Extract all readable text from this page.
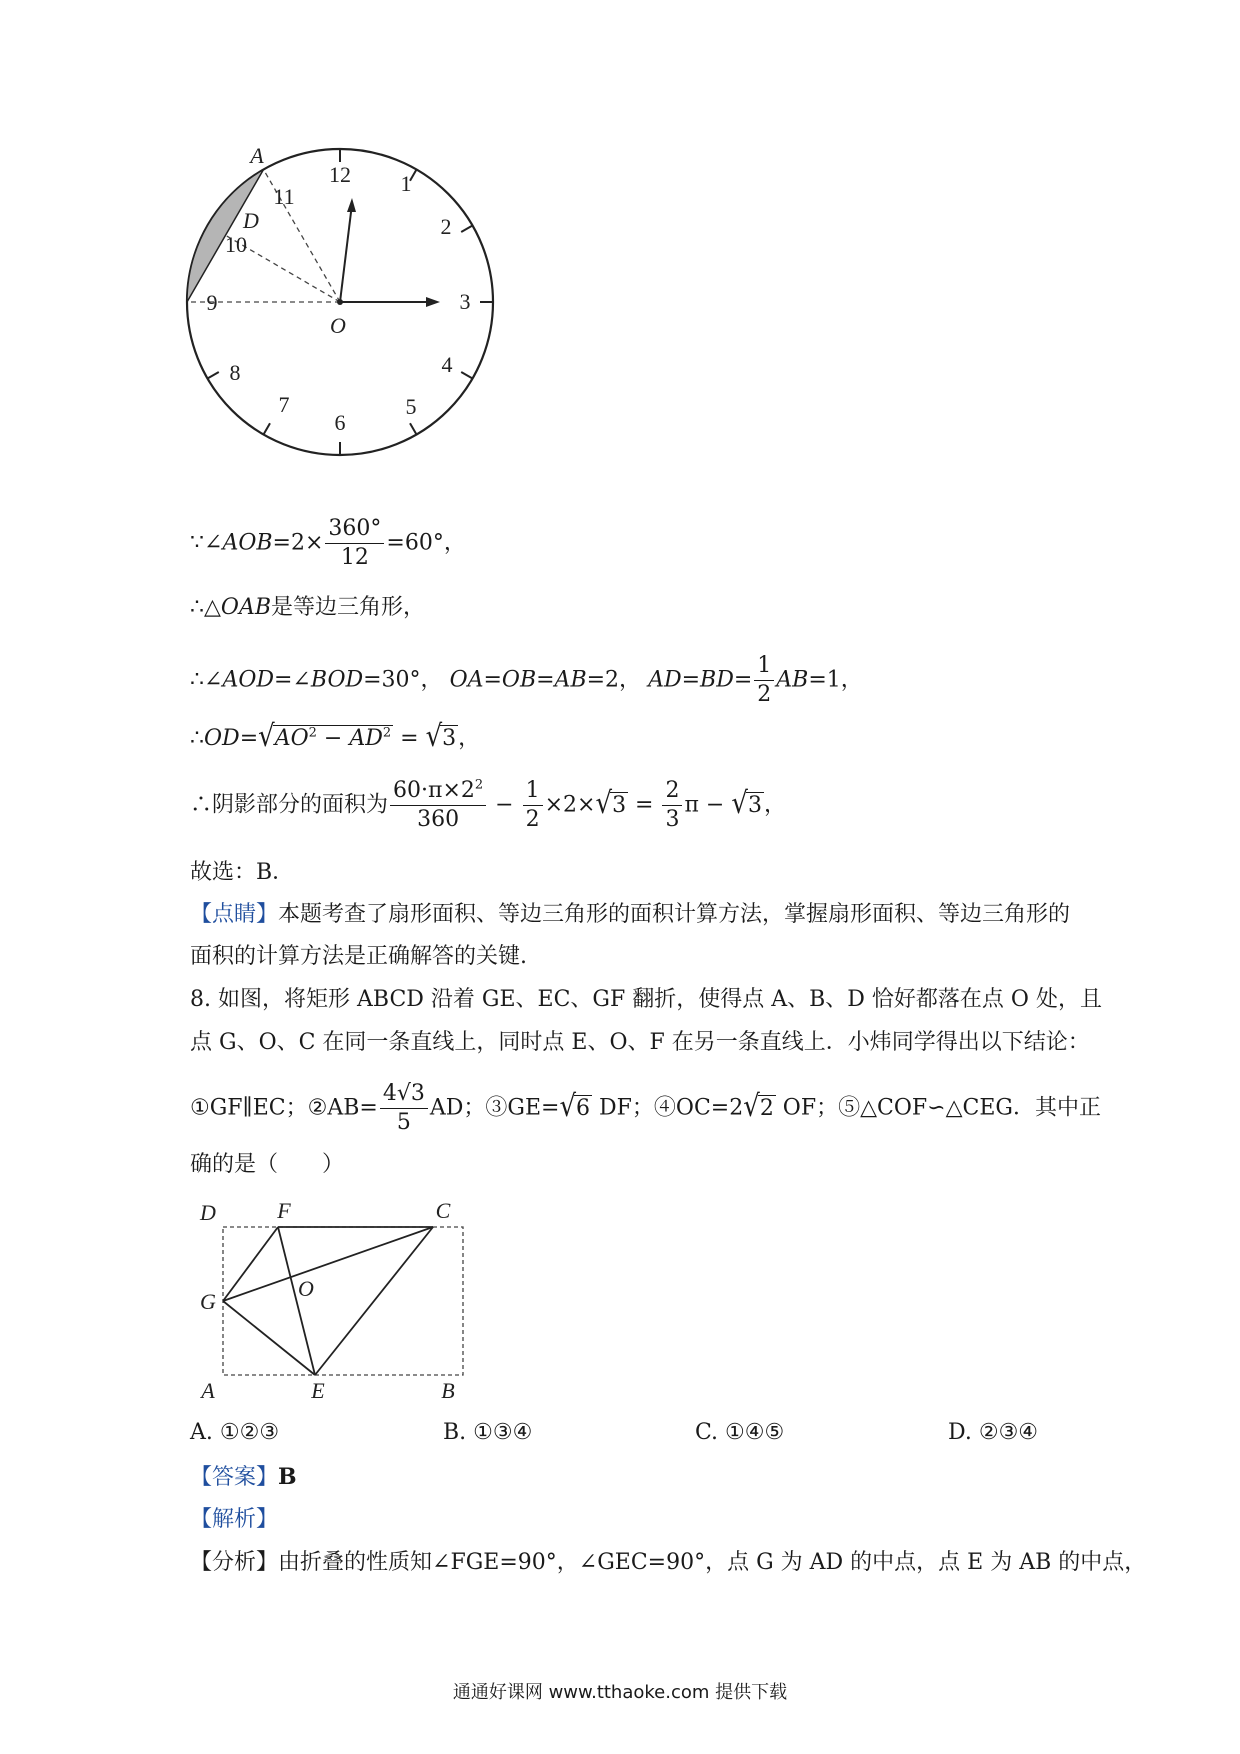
12 1
2
3
4
5
6
7
8
9
10
11
A
D
O
∵∠AOB=2× $\frac{360^\circ}{12} =60^\circ$，
∴△OAB是等边三角形，
∴∠AOD=∠BOD=30°， OA=OB=AB=2， $AD=BD= \frac{1}{2} AB=1$，
$\therefore OD=√AO^2 - AD^2 = √3$，
∴阴影部分的面积为 $\frac{60\cdot\pi\times 2^2}{360} - \frac{1}{2} \times 2\times√3 = \frac{2}{3}$ π − √3，
故选：B．
【点睛】本题考查了扇形面积、等边三角形的面积计算方法，掌握扇形面积、等边三角形的
面积的计算方法是正确解答的关键.
8. 如图，将矩形 ABCD 沿着 GE、EC、GF 翻折，使得点 A、B、D 恰好都落在点 O 处，且
点 G、O、C 在同一条直线上，同时点 E、O、F 在另一条直线上．小炜同学得出以下结论：
①GF∥EC；②AB= $\frac{4√3}{5}$ AD；③GE=√6 DF；④OC=2√2 OF；⑤△COF∽△CEG．其中正
确的是（　　）
D	F	C
G
O
A	E	B
A. ①②③	B. ①③④	C. ①④⑤	D. ②③④
【答案】B
【解析】
【分析】由折叠的性质知∠FGE=90°，∠GEC=90°，点 G 为 AD 的中点，点 E 为 AB 的中点，
通通好课网 www.tthaoke.com 提供下载
